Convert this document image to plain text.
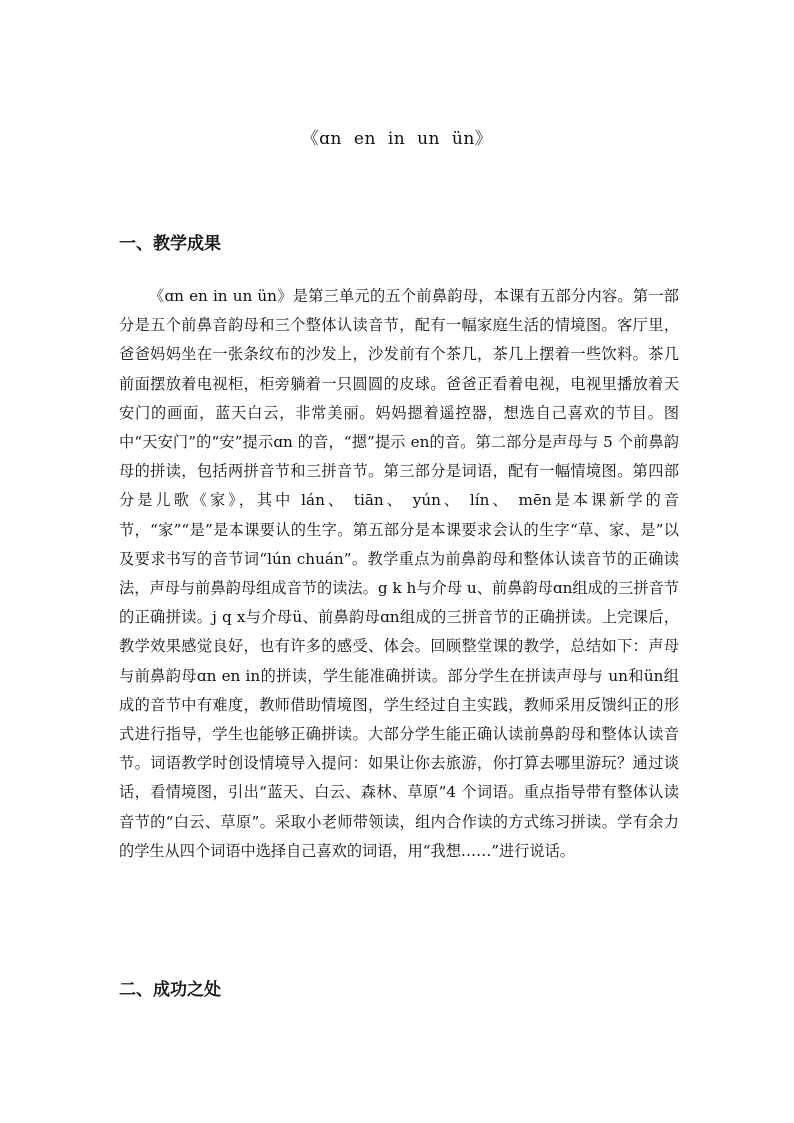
《ɑn en in un ün》
一、教学成果

《ɑn en in un ün》是第三单元的五个前鼻韵母，本课有五部分内容。第一部分是五个前鼻音韵母和三个整体认读音节，配有一幅家庭生活的情境图。客厅里，爸爸妈妈坐在一张条纹布的沙发上，沙发前有个茶几，茶几上摆着一些饮料。茶几前面摆放着电视柜，柜旁躺着一只圆圆的皮球。爸爸正看着电视，电视里播放着天安门的画面，蓝天白云，非常美丽。妈妈摁着遥控器，想选自己喜欢的节目。图中“天安门”的“安”提示ɑn 的音，“摁”提示 en的音。第二部分是声母与 5 个前鼻韵母的拼读，包括两拼音节和三拼音节。第三部分是词语，配有一幅情境图。第四部分是儿歌《家》，其中 lán、 tiān、 yún、 lín、 mēn是本课新学的音节，“家”“是”是本课要认的生字。第五部分是本课要求会认的生字“草、家、是”以及要求书写的音节词“lún chuán”。教学重点为前鼻韵母和整体认读音节的正确读法，声母与前鼻韵母组成音节的读法。g k h与介母 u、前鼻韵母ɑn组成的三拼音节的正确拼读。j q x与介母ü、前鼻韵母ɑn组成的三拼音节的正确拼读。上完课后，教学效果感觉良好，也有许多的感受、体会。回顾整堂课的教学，总结如下：声母与前鼻韵母ɑn en in的拼读，学生能准确拼读。部分学生在拼读声母与 un和ün组成的音节中有难度，教师借助情境图，学生经过自主实践，教师采用反馈纠正的形式进行指导，学生也能够正确拼读。大部分学生能正确认读前鼻韵母和整体认读音节。词语教学时创设情境导入提问：如果让你去旅游，你打算去哪里游玩？通过谈话，看情境图，引出“蓝天、白云、森林、草原”4 个词语。重点指导带有整体认读音节的“白云、草原”。采取小老师带领读，组内合作读的方式练习拼读。学有余力的学生从四个词语中选择自己喜欢的词语，用“我想……”进行说话。

二、成功之处
